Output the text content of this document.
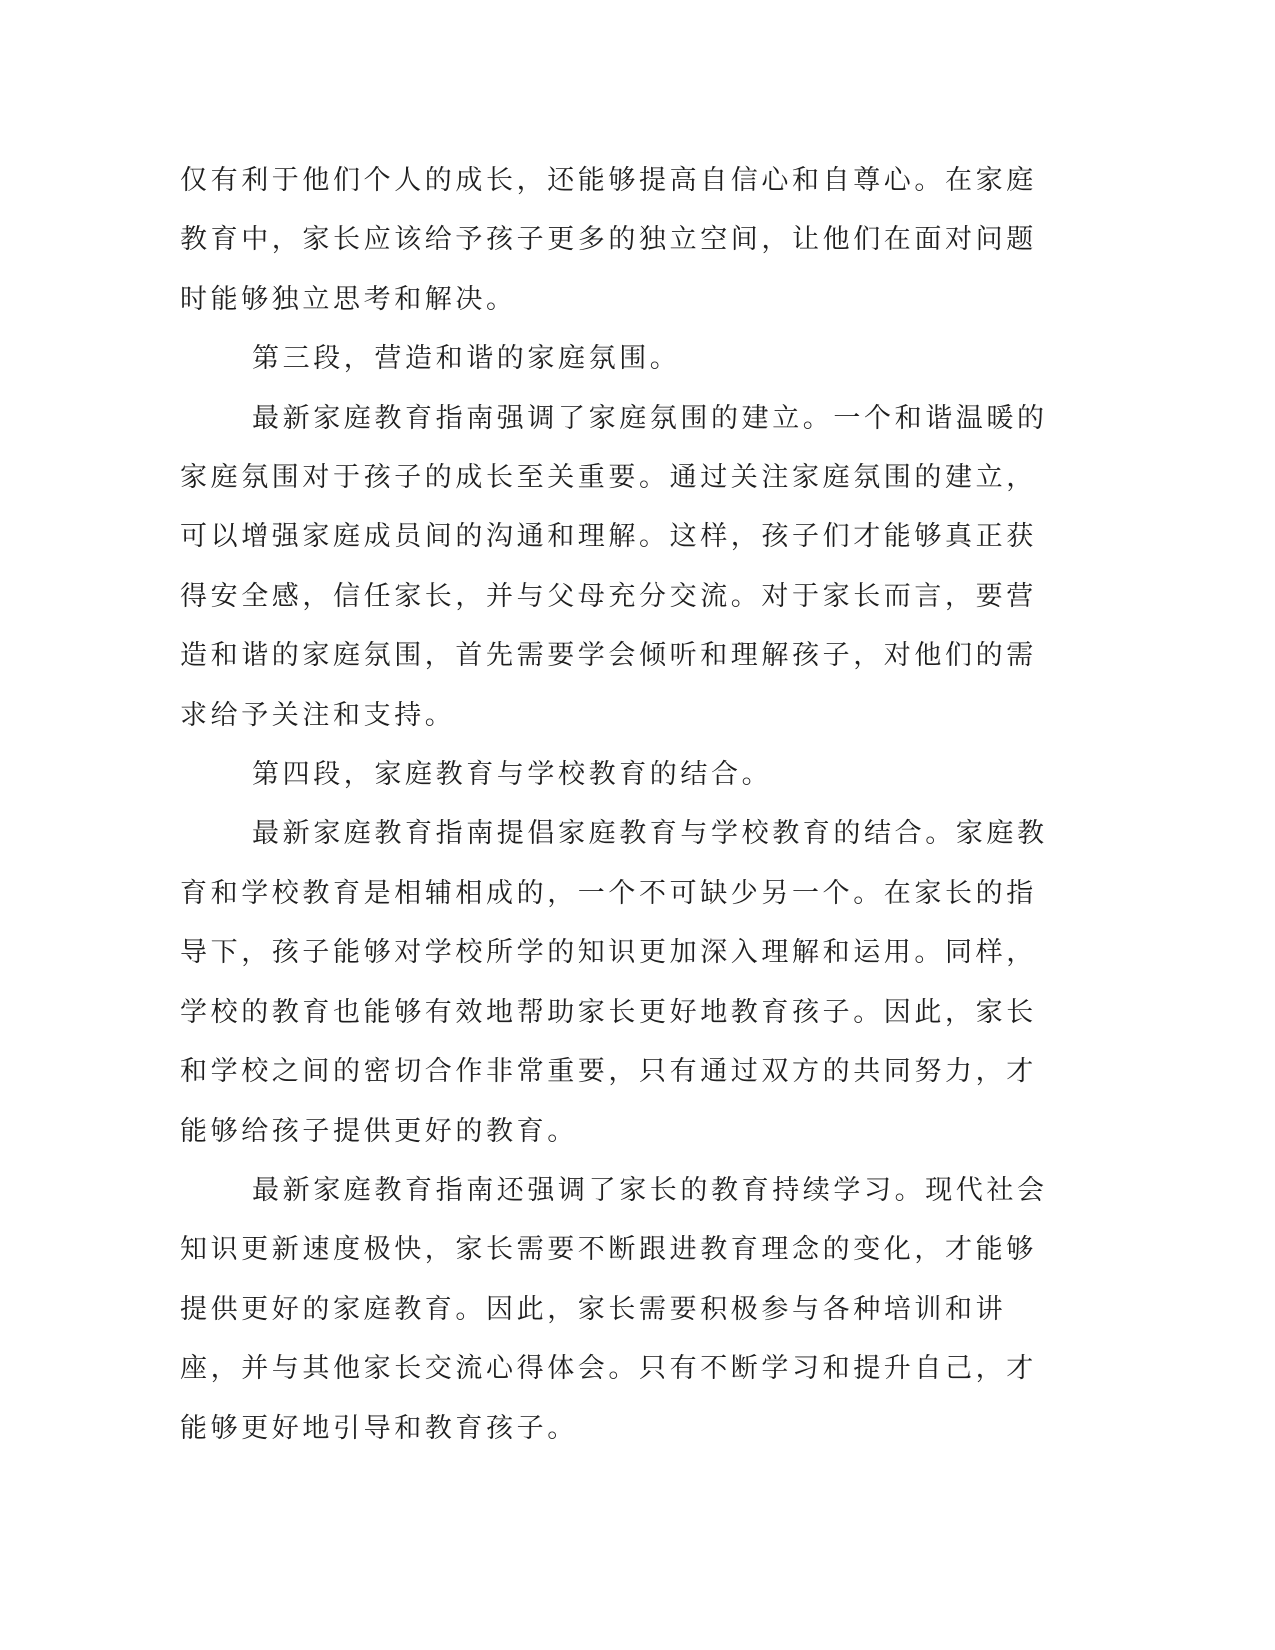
仅有利于他们个人的成长，还能够提高自信心和自尊心。在家庭教育中，家长应该给予孩子更多的独立空间，让他们在面对问题时能够独立思考和解决。

第三段，营造和谐的家庭氛围。

最新家庭教育指南强调了家庭氛围的建立。一个和谐温暖的家庭氛围对于孩子的成长至关重要。通过关注家庭氛围的建立，可以增强家庭成员间的沟通和理解。这样，孩子们才能够真正获得安全感，信任家长，并与父母充分交流。对于家长而言，要营造和谐的家庭氛围，首先需要学会倾听和理解孩子，对他们的需求给予关注和支持。

第四段，家庭教育与学校教育的结合。

最新家庭教育指南提倡家庭教育与学校教育的结合。家庭教育和学校教育是相辅相成的，一个不可缺少另一个。在家长的指导下，孩子能够对学校所学的知识更加深入理解和运用。同样，学校的教育也能够有效地帮助家长更好地教育孩子。因此，家长和学校之间的密切合作非常重要，只有通过双方的共同努力，才能够给孩子提供更好的教育。

最新家庭教育指南还强调了家长的教育持续学习。现代社会知识更新速度极快，家长需要不断跟进教育理念的变化，才能够提供更好的家庭教育。因此，家长需要积极参与各种培训和讲座，并与其他家长交流心得体会。只有不断学习和提升自己，才能够更好地引导和教育孩子。
